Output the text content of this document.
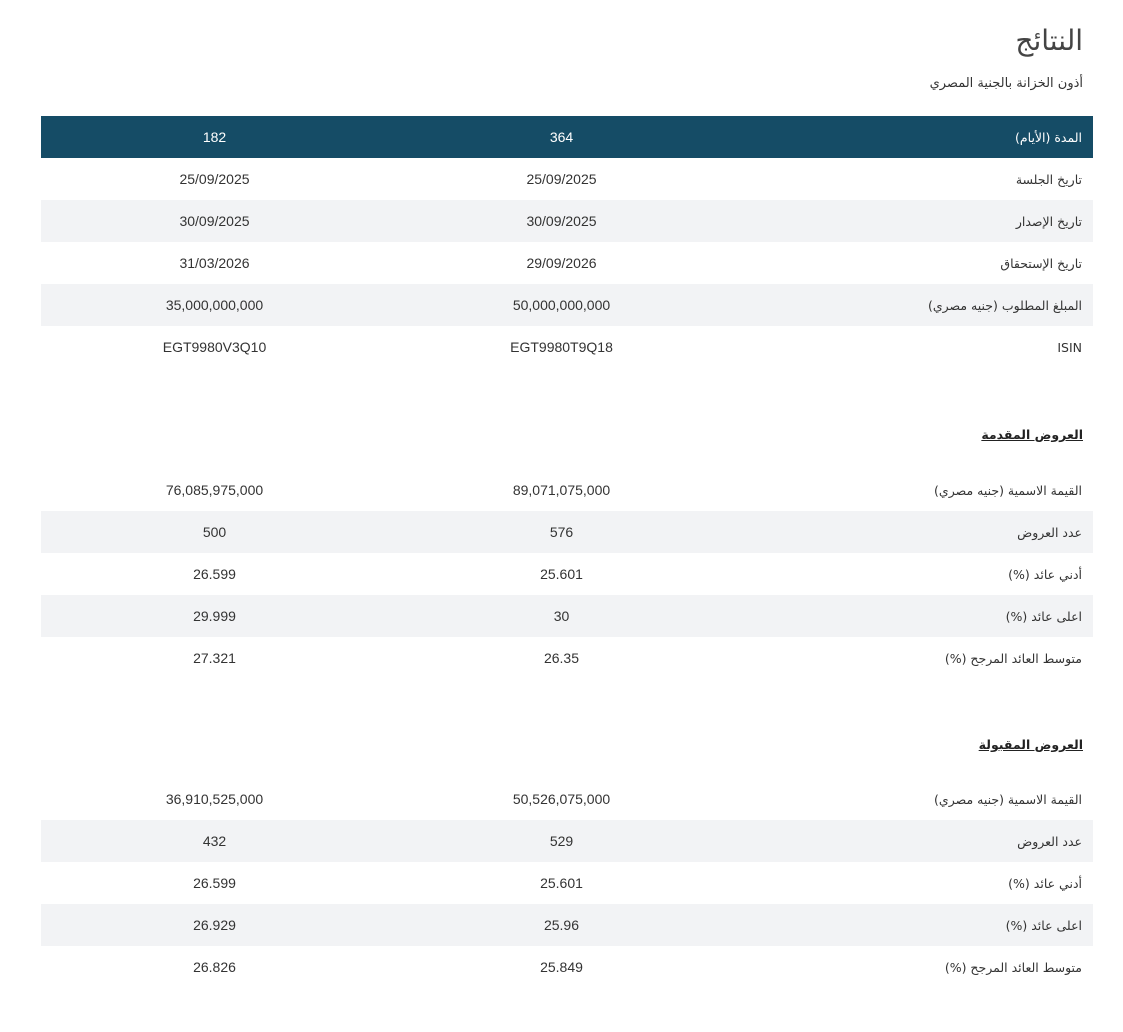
النتائج
أذون الخزانة بالجنية المصري
المدة (الأيام)	364	182
تاريخ الجلسة	25/09/2025	25/09/2025
تاريخ الإصدار	30/09/2025	30/09/2025
تاريخ الإستحقاق	29/09/2026	31/03/2026
المبلغ المطلوب (جنيه مصري)	50,000,000,000	35,000,000,000
ISIN	EGT9980T9Q18	EGT9980V3Q10
العروض المقدمة
القيمة الاسمية (جنيه مصري)	89,071,075,000	76,085,975,000
عدد العروض	576	500
أدني عائد (%)	25.601	26.599
اعلى عائد (%)	30	29.999
متوسط العائد المرجح (%)	26.35	27.321
العروض المقبولة
القيمة الاسمية (جنيه مصري)	50,526,075,000	36,910,525,000
عدد العروض	529	432
أدني عائد (%)	25.601	26.599
اعلى عائد (%)	25.96	26.929
متوسط العائد المرجح (%)	25.849	26.826
